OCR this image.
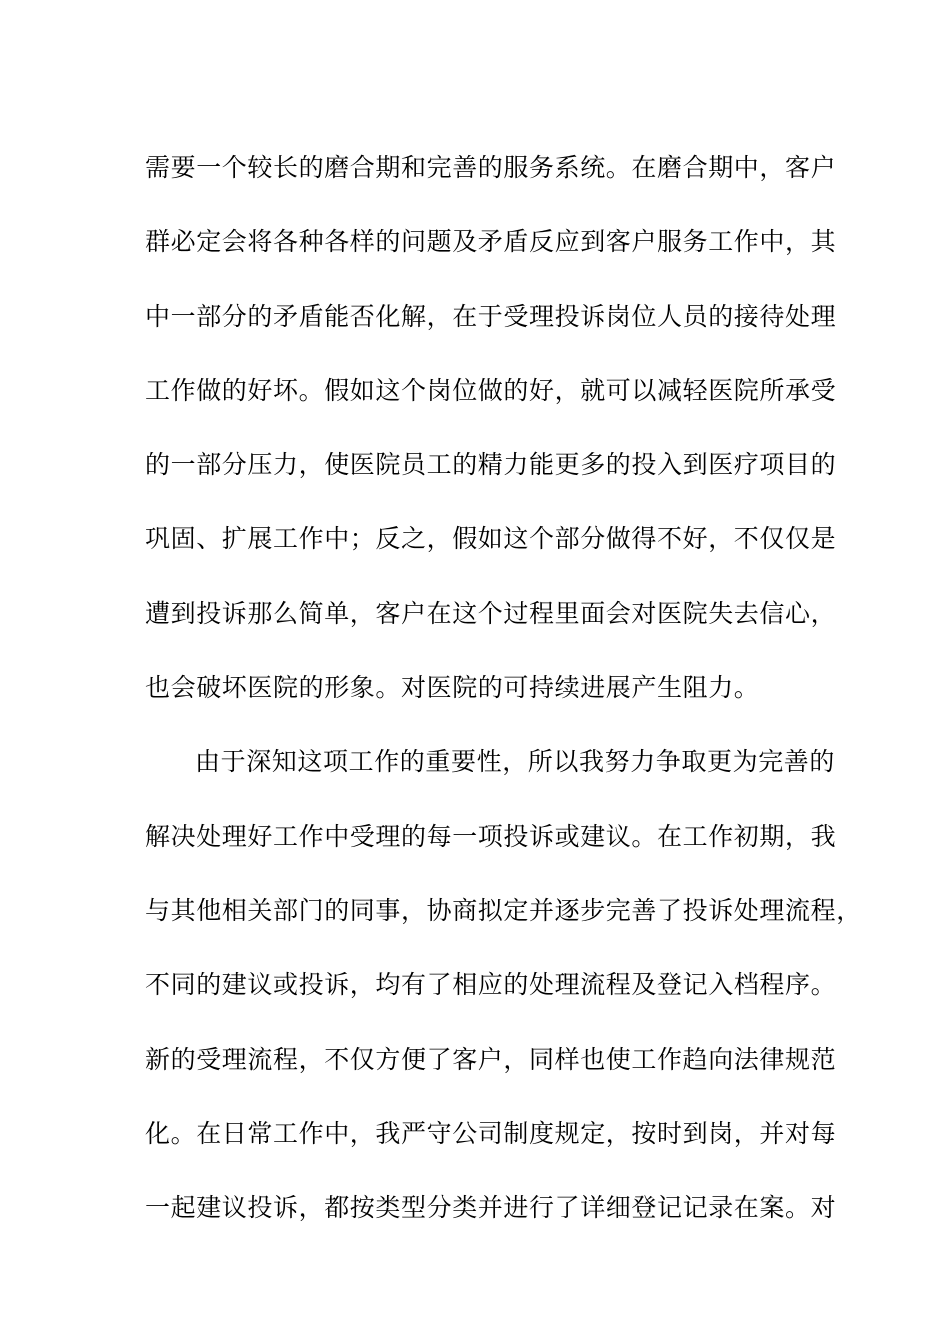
需要一个较长的磨合期和完善的服务系统。在磨合期中，客户
群必定会将各种各样的问题及矛盾反应到客户服务工作中，其
中一部分的矛盾能否化解，在于受理投诉岗位人员的接待处理
工作做的好坏。假如这个岗位做的好，就可以减轻医院所承受
的一部分压力，使医院员工的精力能更多的投入到医疗项目的
巩固、扩展工作中；反之，假如这个部分做得不好，不仅仅是
遭到投诉那么简单，客户在这个过程里面会对医院失去信心，
也会破坏医院的形象。对医院的可持续进展产生阻力。
由于深知这项工作的重要性，所以我努力争取更为完善的
解决处理好工作中受理的每一项投诉或建议。在工作初期，我
与其他相关部门的同事，协商拟定并逐步完善了投诉处理流程，
不同的建议或投诉，均有了相应的处理流程及登记入档程序。
新的受理流程，不仅方便了客户，同样也使工作趋向法律规范
化。在日常工作中，我严守公司制度规定，按时到岗，并对每
一起建议投诉，都按类型分类并进行了详细登记记录在案。对
